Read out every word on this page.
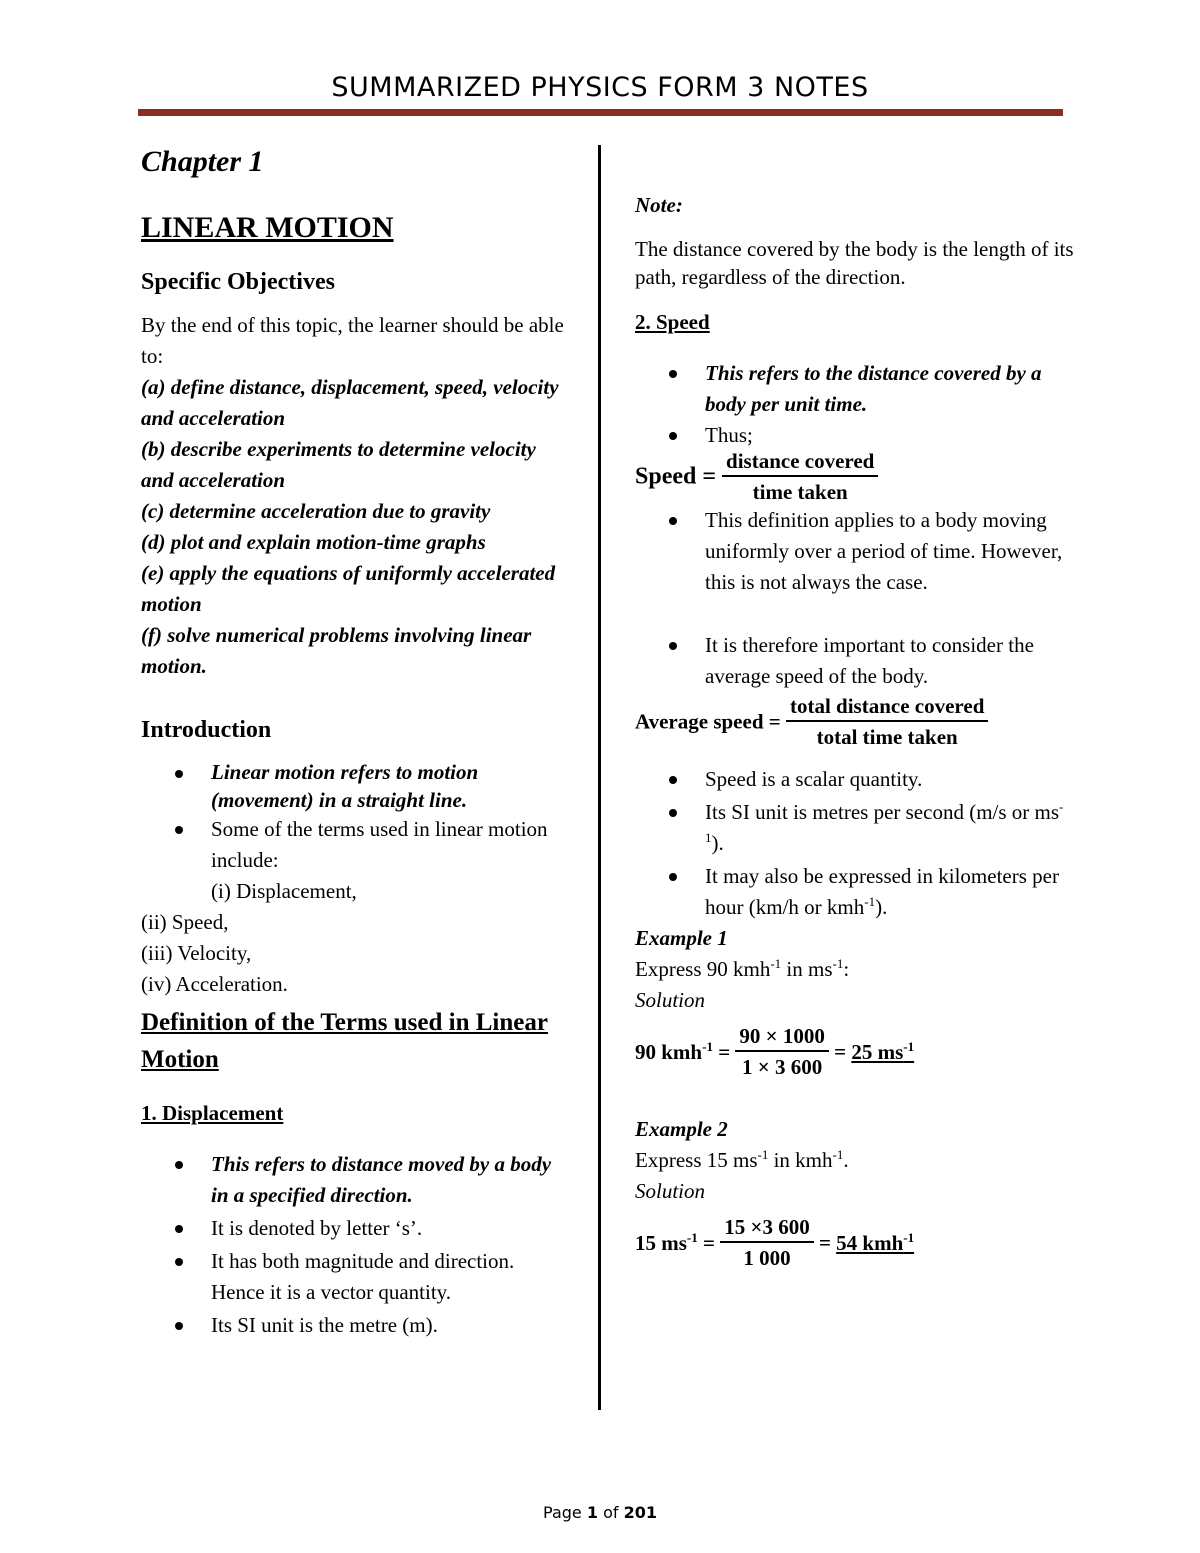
SUMMARIZED PHYSICS FORM 3 NOTES
Chapter 1
LINEAR MOTION
Specific Objectives

By the end of this topic, the learner should be able to:

(a) define distance, displacement, speed, velocity and acceleration

(b) describe experiments to determine velocity and acceleration

(c) determine acceleration due to gravity

(d) plot and explain motion-time graphs

(e) apply the equations of uniformly accelerated motion

(f) solve numerical problems involving linear motion.

Introduction
Linear motion refers to motion (movement) in a straight line.
Some of the terms used in linear motion include:
(i) Displacement,

(ii) Speed,

(iii) Velocity,

(iv) Acceleration.

Definition of the Terms used in Linear Motion
1. Displacement
This refers to distance moved by a body in a specified direction.
It is denoted by letter ‘s’.
It has both magnitude and direction. Hence it is a vector quantity.
Its SI unit is the metre (m).

Note:

The distance covered by the body is the length of its path, regardless of the direction.

2. Speed
This refers to the distance covered by a body per unit time.
Thus;
Speed = $\frac{\text{distance covered}}{\text{time taken}}$
This definition applies to a body moving uniformly over a period of time. However, this is not always the case.
It is therefore important to consider the average speed of the body.
Average speed = $\frac{\text{total distance covered}}{\text{total time taken}}$
Speed is a scalar quantity.
Its SI unit is metres per second (m/s or $ms^{-1}$).
It may also be expressed in kilometers per hour (km/h or kmh$^{-1}$).

Example 1

Express 90 kmh$^{-1}$ in $ms^{-1}$:

Solution

90 $kmh^{-1} = \frac{90 \times 1000}{1 \times 3 600} = 25$ $ms^{-1}$

Example 2

Express 15 $ms^{-1}$ in kmh$^{-1}$.

Solution

15 $ms^{-1} = \frac{15 \times 3 600}{1 000} = 54$ kmh$^{-1}$
Page 1 of 201
